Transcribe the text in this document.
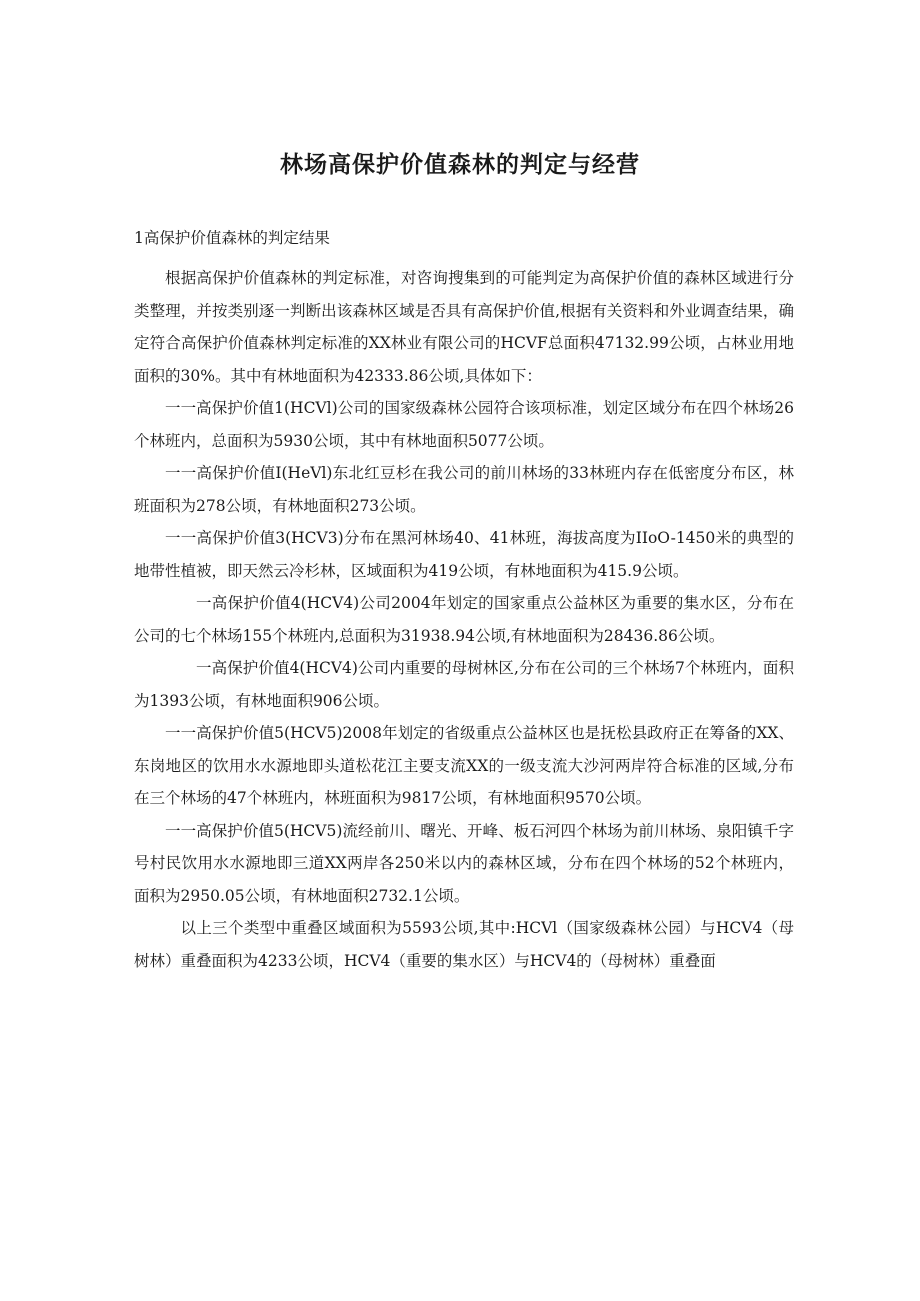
林场高保护价值森林的判定与经营

1高保护价值森林的判定结果

根据高保护价值森林的判定标准，对咨询搜集到的可能判定为高保护价值的森林区域进行分类整理，并按类别逐一判断出该森林区域是否具有高保护价值,根据有关资料和外业调查结果，确定符合高保护价值森林判定标准的XX林业有限公司的HCVF总面积47132.99公顷，占林业用地面积的30%。其中有林地面积为42333.86公顷,具体如下：

一一高保护价值1(HCVl)公司的国家级森林公园符合该项标准，划定区域分布在四个林场26个林班内，总面积为5930公顷，其中有林地面积5077公顷。

一一高保护价值I(HeVl)东北红豆杉在我公司的前川林场的33林班内存在低密度分布区，林班面积为278公顷，有林地面积273公顷。

一一高保护价值3(HCV3)分布在黑河林场40、41林班，海拔高度为IIoO-1450米的典型的地带性植被，即天然云冷杉林，区域面积为419公顷，有林地面积为415.9公顷。

一高保护价值4(HCV4)公司2004年划定的国家重点公益林区为重要的集水区，分布在公司的七个林场155个林班内,总面积为31938.94公顷,有林地面积为28436.86公顷。

一高保护价值4(HCV4)公司内重要的母树林区,分布在公司的三个林场7个林班内，面积为1393公顷，有林地面积906公顷。

一一高保护价值5(HCV5)2008年划定的省级重点公益林区也是抚松县政府正在筹备的XX、东岗地区的饮用水水源地即头道松花江主要支流XX的一级支流大沙河两岸符合标准的区域,分布在三个林场的47个林班内，林班面积为9817公顷，有林地面积9570公顷。

一一高保护价值5(HCV5)流经前川、曙光、开峰、板石河四个林场为前川林场、泉阳镇千字号村民饮用水水源地即三道XX两岸各250米以内的森林区域，分布在四个林场的52个林班内，面积为2950.05公顷，有林地面积2732.1公顷。

以上三个类型中重叠区域面积为5593公顷,其中:HCVl（国家级森林公园）与HCV4（母树林）重叠面积为4233公顷，HCV4（重要的集水区）与HCV4的（母树林）重叠面
